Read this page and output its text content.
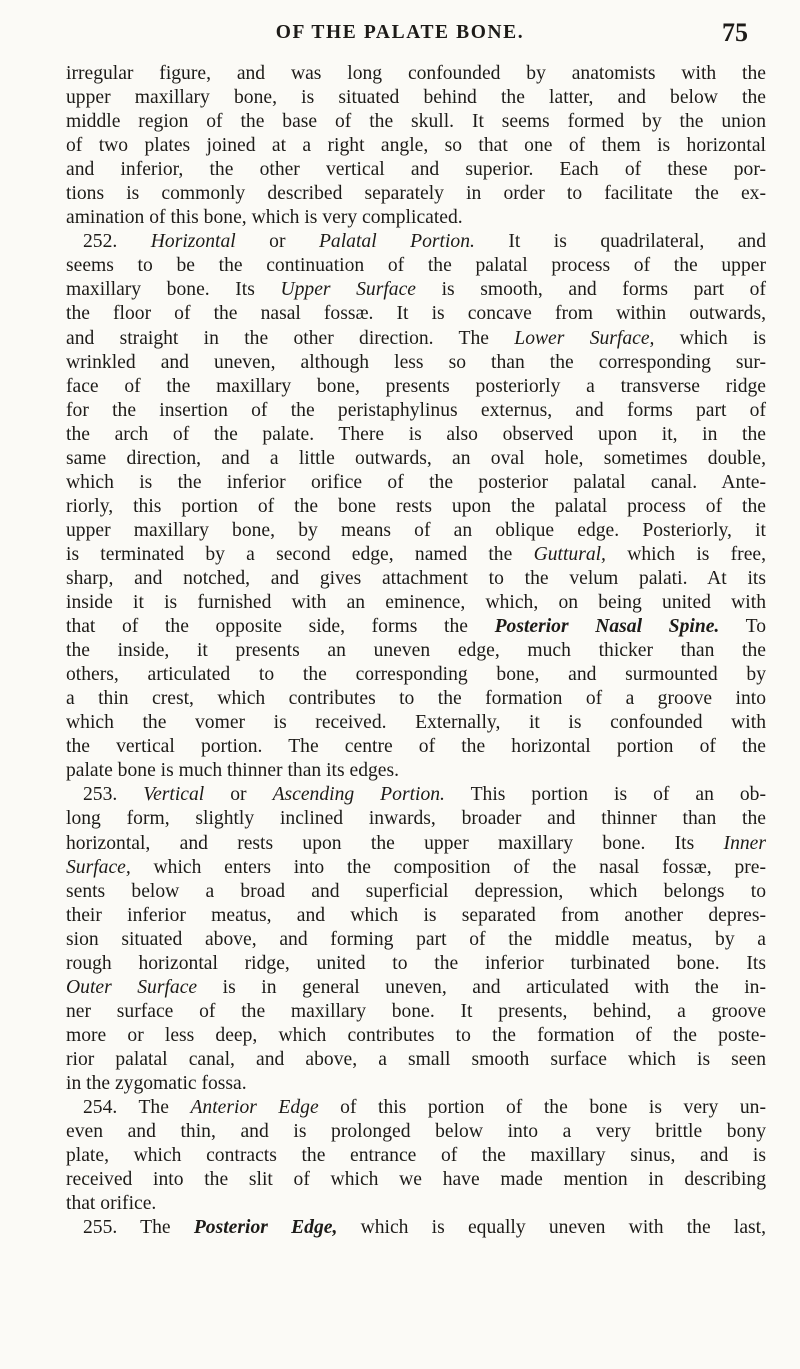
OF THE PALATE BONE.	75
irregular figure, and was long confounded by anatomists with the
upper maxillary bone, is situated behind the latter, and below the
middle region of the base of the skull. It seems formed by the union
of two plates joined at a right angle, so that one of them is horizontal
and inferior, the other vertical and superior. Each of these por-
tions is commonly described separately in order to facilitate the ex-
amination of this bone, which is very complicated.
252. Horizontal or Palatal Portion. It is quadrilateral, and
seems to be the continuation of the palatal process of the upper
maxillary bone. Its Upper Surface is smooth, and forms part of
the floor of the nasal fossæ. It is concave from within outwards,
and straight in the other direction. The Lower Surface, which is
wrinkled and uneven, although less so than the corresponding sur-
face of the maxillary bone, presents posteriorly a transverse ridge
for the insertion of the peristaphylinus externus, and forms part of
the arch of the palate. There is also observed upon it, in the
same direction, and a little outwards, an oval hole, sometimes double,
which is the inferior orifice of the posterior palatal canal. Ante-
riorly, this portion of the bone rests upon the palatal process of the
upper maxillary bone, by means of an oblique edge. Posteriorly, it
is terminated by a second edge, named the Guttural, which is free,
sharp, and notched, and gives attachment to the velum palati. At its
inside it is furnished with an eminence, which, on being united with
that of the opposite side, forms the Posterior Nasal Spine. To
the inside, it presents an uneven edge, much thicker than the
others, articulated to the corresponding bone, and surmounted by
a thin crest, which contributes to the formation of a groove into
which the vomer is received. Externally, it is confounded with
the vertical portion. The centre of the horizontal portion of the
palate bone is much thinner than its edges.
253. Vertical or Ascending Portion. This portion is of an ob-
long form, slightly inclined inwards, broader and thinner than the
horizontal, and rests upon the upper maxillary bone. Its Inner
Surface, which enters into the composition of the nasal fossæ, pre-
sents below a broad and superficial depression, which belongs to
their inferior meatus, and which is separated from another depres-
sion situated above, and forming part of the middle meatus, by a
rough horizontal ridge, united to the inferior turbinated bone. Its
Outer Surface is in general uneven, and articulated with the in-
ner surface of the maxillary bone. It presents, behind, a groove
more or less deep, which contributes to the formation of the poste-
rior palatal canal, and above, a small smooth surface which is seen
in the zygomatic fossa.
254. The Anterior Edge of this portion of the bone is very un-
even and thin, and is prolonged below into a very brittle bony
plate, which contracts the entrance of the maxillary sinus, and is
received into the slit of which we have made mention in describing
that orifice.
255. The Posterior Edge, which is equally uneven with the last,
